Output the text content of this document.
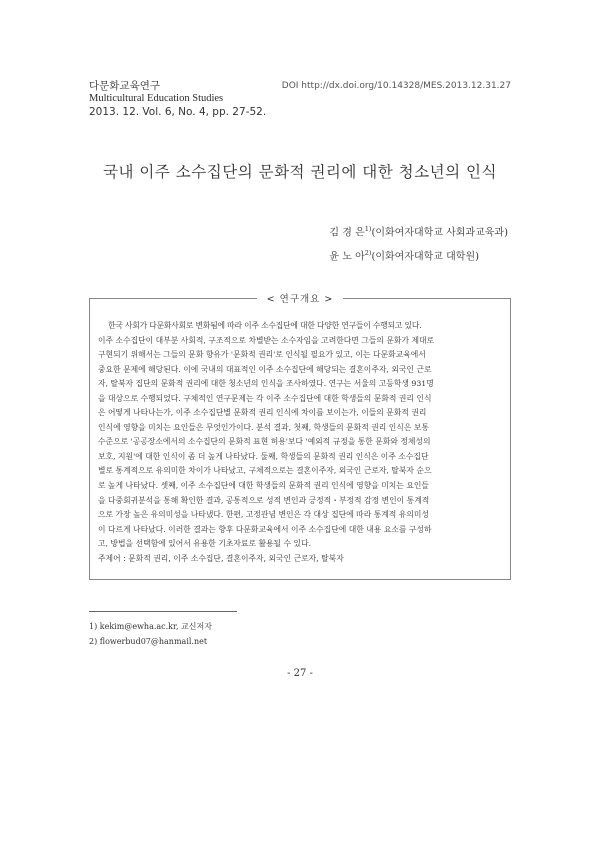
다문화교육연구
Multicultural Education Studies
2013. 12. Vol. 6, No. 4, pp. 27-52.
DOI http://dx.doi.org/10.14328/MES.2013.12.31.27
국내 이주 소수집단의 문화적 권리에 대한 청소년의 인식
김 경 은$^{1)}$(이화여자대학교 사회과교육과)
윤 노 아$^{2)}$(이화여자대학교 대학원)
< 연구개요 >
한국 사회가 다문화사회로 변화됨에 따라 이주 소수집단에 대한 다양한 연구들이 수행되고 있다.
이주 소수집단이 대부분 사회적, 구조적으로 차별받는 소수자임을 고려한다면 그들의 문화가 제대로
구현되기 위해서는 그들의 문화 향유가 '문화적 권리'로 인식될 필요가 있고, 이는 다문화교육에서
중요한 문제에 해당된다. 이에 국내의 대표적인 이주 소수집단에 해당되는 결혼이주자, 외국인 근로
자, 탈북자 집단의 문화적 권리에 대한 청소년의 인식을 조사하였다. 연구는 서울의 고등학생 931명
을 대상으로 수행되었다. 구체적인 연구문제는 각 이주 소수집단에 대한 학생들의 문화적 권리 인식
은 어떻게 나타나는가, 이주 소수집단별 문화적 권리 인식에 차이를 보이는가, 이들의 문화적 권리
인식에 영향을 미치는 요인들은 무엇인가이다. 분석 결과, 첫째, 학생들의 문화적 권리 인식은 보통
수준으로 '공공장소에서의 소수집단의 문화적 표현 허용'보다 '예외적 규정을 통한 문화와 정체성의
보호, 지원'에 대한 인식이 좀 더 높게 나타났다. 둘째, 학생들의 문화적 권리 인식은 이주 소수집단
별로 통계적으로 유의미한 차이가 나타났고, 구체적으로는 결혼이주자, 외국인 근로자, 탈북자 순으
로 높게 나타났다. 셋째, 이주 소수집단에 대한 학생들의 문화적 권리 인식에 영향을 미치는 요인들
을 다중회귀분석을 통해 확인한 결과, 공통적으로 성적 변인과 긍정적・부정적 감정 변인이 통계적
으로 가장 높은 유의미성을 나타냈다. 한편, 고정관념 변인은 각 대상 집단에 따라 통계적 유의미성
이 다르게 나타났다. 이러한 결과는 향후 다문화교육에서 이주 소수집단에 대한 내용 요소를 구성하
고, 방법을 선택함에 있어서 유용한 기초자료로 활용될 수 있다.
주제어 : 문화적 권리, 이주 소수집단, 결혼이주자, 외국인 근로자, 탈북자
1) kekim@ewha.ac.kr, 교신저자
2) flowerbud07@hanmail.net
- 27 -
